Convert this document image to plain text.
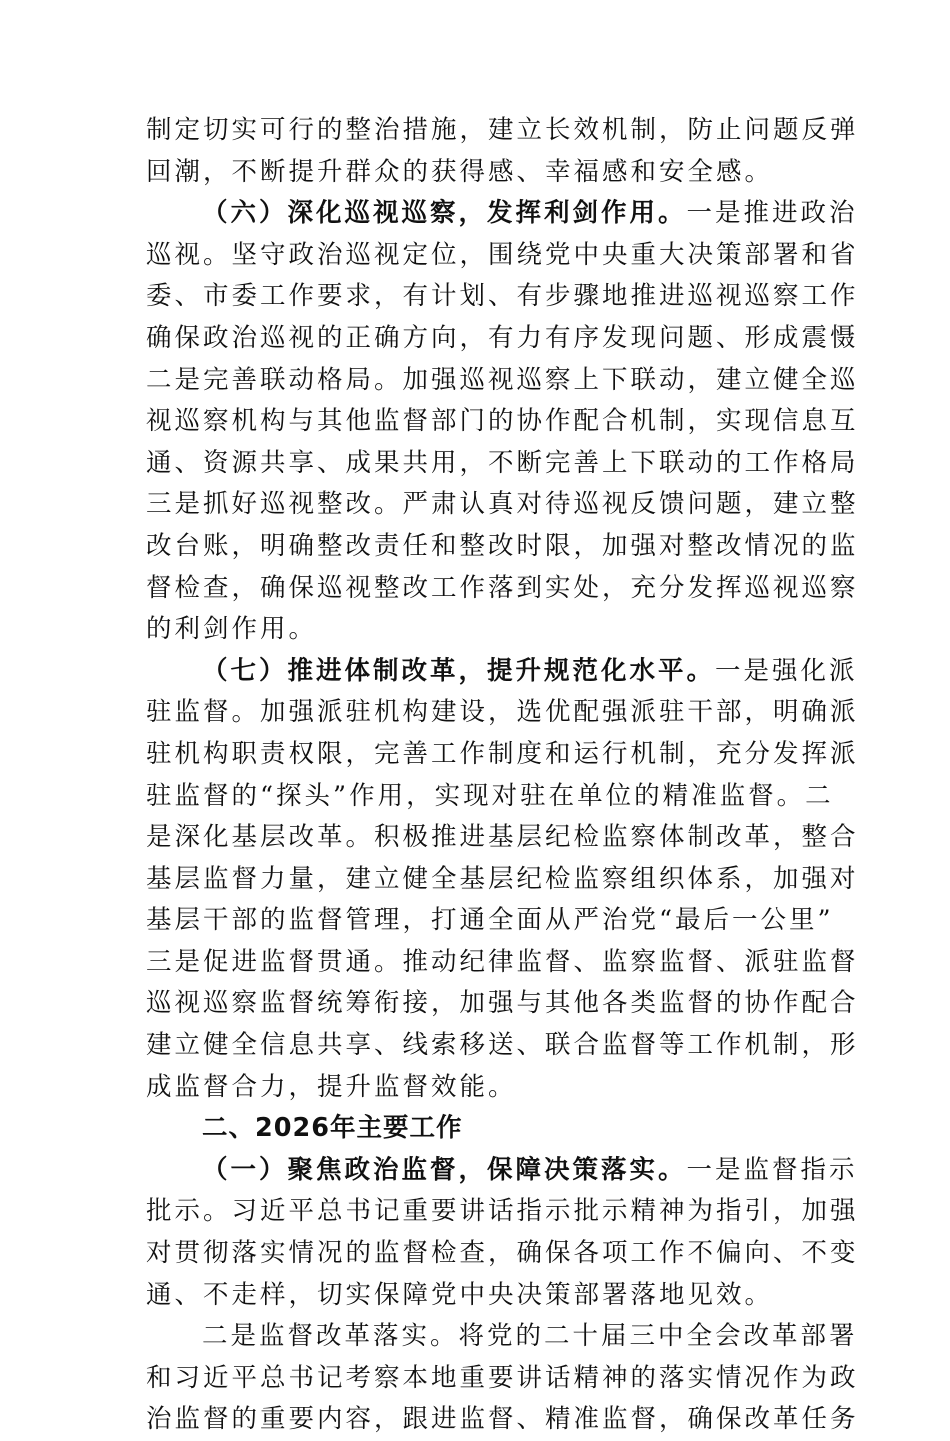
制定切实可行的整治措施，建立长效机制，防止问题反弹
回潮，不断提升群众的获得感、幸福感和安全感。
（六）深化巡视巡察，发挥利剑作用。一是推进政治
巡视。坚守政治巡视定位，围绕党中央重大决策部署和省
委、市委工作要求，有计划、有步骤地推进巡视巡察工作
确保政治巡视的正确方向，有力有序发现问题、形成震慑
二是完善联动格局。加强巡视巡察上下联动，建立健全巡
视巡察机构与其他监督部门的协作配合机制，实现信息互
通、资源共享、成果共用，不断完善上下联动的工作格局
三是抓好巡视整改。严肃认真对待巡视反馈问题，建立整
改台账，明确整改责任和整改时限，加强对整改情况的监
督检查，确保巡视整改工作落到实处，充分发挥巡视巡察
的利剑作用。
（七）推进体制改革，提升规范化水平。一是强化派
驻监督。加强派驻机构建设，选优配强派驻干部，明确派
驻机构职责权限，完善工作制度和运行机制，充分发挥派
驻监督的“探头”作用，实现对驻在单位的精准监督。二
是深化基层改革。积极推进基层纪检监察体制改革，整合
基层监督力量，建立健全基层纪检监察组织体系，加强对
基层干部的监督管理，打通全面从严治党“最后一公里”
三是促进监督贯通。推动纪律监督、监察监督、派驻监督
巡视巡察监督统筹衔接，加强与其他各类监督的协作配合
建立健全信息共享、线索移送、联合监督等工作机制，形
成监督合力，提升监督效能。
二、2026年主要工作
（一）聚焦政治监督，保障决策落实。一是监督指示
批示。习近平总书记重要讲话指示批示精神为指引，加强
对贯彻落实情况的监督检查，确保各项工作不偏向、不变
通、不走样，切实保障党中央决策部署落地见效。
二是监督改革落实。将党的二十届三中全会改革部署
和习近平总书记考察本地重要讲话精神的落实情况作为政
治监督的重要内容，跟进监督、精准监督，确保改革任务
